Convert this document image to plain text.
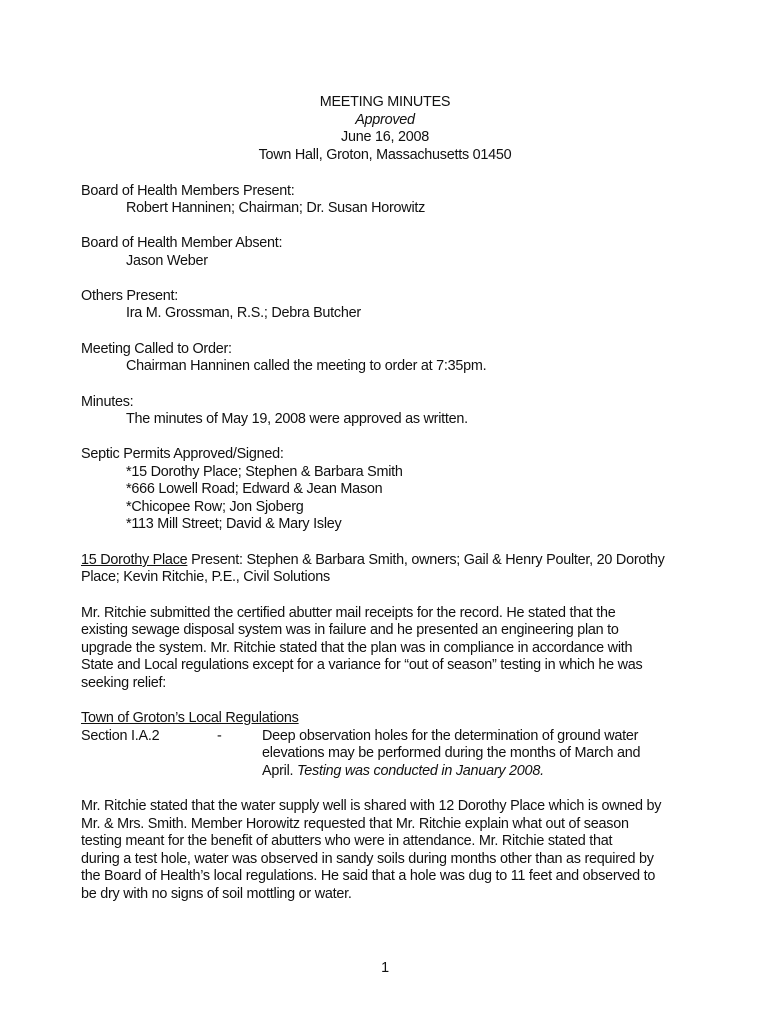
MEETING MINUTES
Approved
June 16, 2008
Town Hall, Groton, Massachusetts 01450
Board of Health Members Present:
Robert Hanninen; Chairman; Dr. Susan Horowitz
Board of Health Member Absent:
Jason Weber
Others Present:
Ira M. Grossman, R.S.; Debra Butcher
Meeting Called to Order:
Chairman Hanninen called the meeting to order at 7:35pm.
Minutes:
The minutes of May 19, 2008 were approved as written.
Septic Permits Approved/Signed:
*15 Dorothy Place; Stephen & Barbara Smith
*666 Lowell Road; Edward & Jean Mason
*Chicopee Row; Jon Sjoberg
*113 Mill Street; David & Mary Isley
15 Dorothy Place Present: Stephen & Barbara Smith, owners; Gail & Henry Poulter, 20 Dorothy
Place; Kevin Ritchie, P.E., Civil Solutions
Mr. Ritchie submitted the certified abutter mail receipts for the record. He stated that the
existing sewage disposal system was in failure and he presented an engineering plan to
upgrade the system. Mr. Ritchie stated that the plan was in compliance in accordance with
State and Local regulations except for a variance for “out of season” testing in which he was
seeking relief:
Town of Groton’s Local Regulations
Section I.A.2	-	Deep observation holes for the determination of ground water
elevations may be performed during the months of March and
April. Testing was conducted in January 2008.
Mr. Ritchie stated that the water supply well is shared with 12 Dorothy Place which is owned by
Mr. & Mrs. Smith. Member Horowitz requested that Mr. Ritchie explain what out of season
testing meant for the benefit of abutters who were in attendance. Mr. Ritchie stated that
during a test hole, water was observed in sandy soils during months other than as required by
the Board of Health’s local regulations. He said that a hole was dug to 11 feet and observed to
be dry with no signs of soil mottling or water.
1
